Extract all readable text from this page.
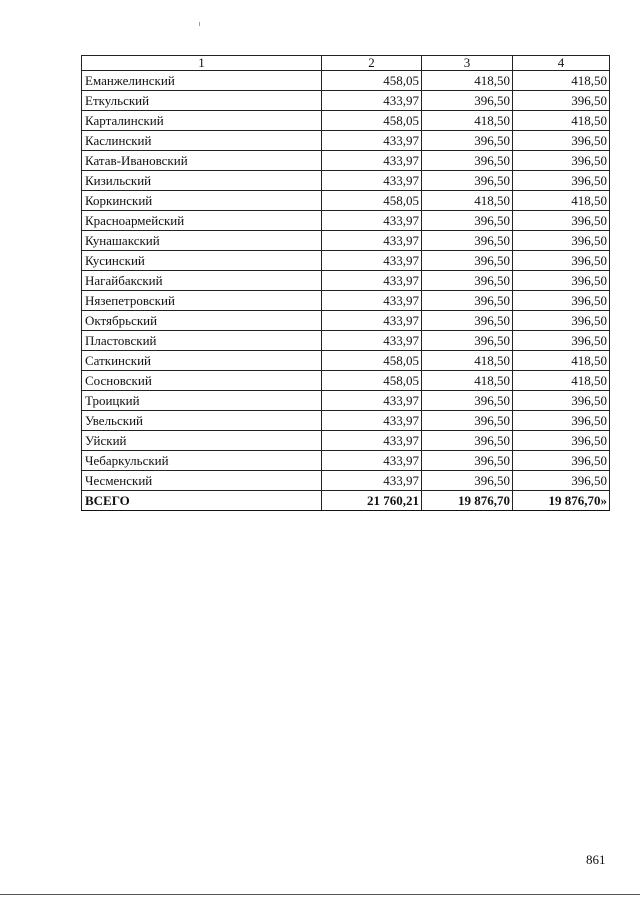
1	2	3	4
Еманжелинский	458,05	418,50	418,50
Еткульский	433,97	396,50	396,50
Карталинский	458,05	418,50	418,50
Каслинский	433,97	396,50	396,50
Катав-Ивановский	433,97	396,50	396,50
Кизильский	433,97	396,50	396,50
Коркинский	458,05	418,50	418,50
Красноармейский	433,97	396,50	396,50
Кунашакский	433,97	396,50	396,50
Кусинский	433,97	396,50	396,50
Нагайбакский	433,97	396,50	396,50
Нязепетровский	433,97	396,50	396,50
Октябрьский	433,97	396,50	396,50
Пластовский	433,97	396,50	396,50
Саткинский	458,05	418,50	418,50
Сосновский	458,05	418,50	418,50
Троицкий	433,97	396,50	396,50
Увельский	433,97	396,50	396,50
Уйский	433,97	396,50	396,50
Чебаркульский	433,97	396,50	396,50
Чесменский	433,97	396,50	396,50
ВСЕГО	21 760,21	19 876,70	19 876,70»
861
